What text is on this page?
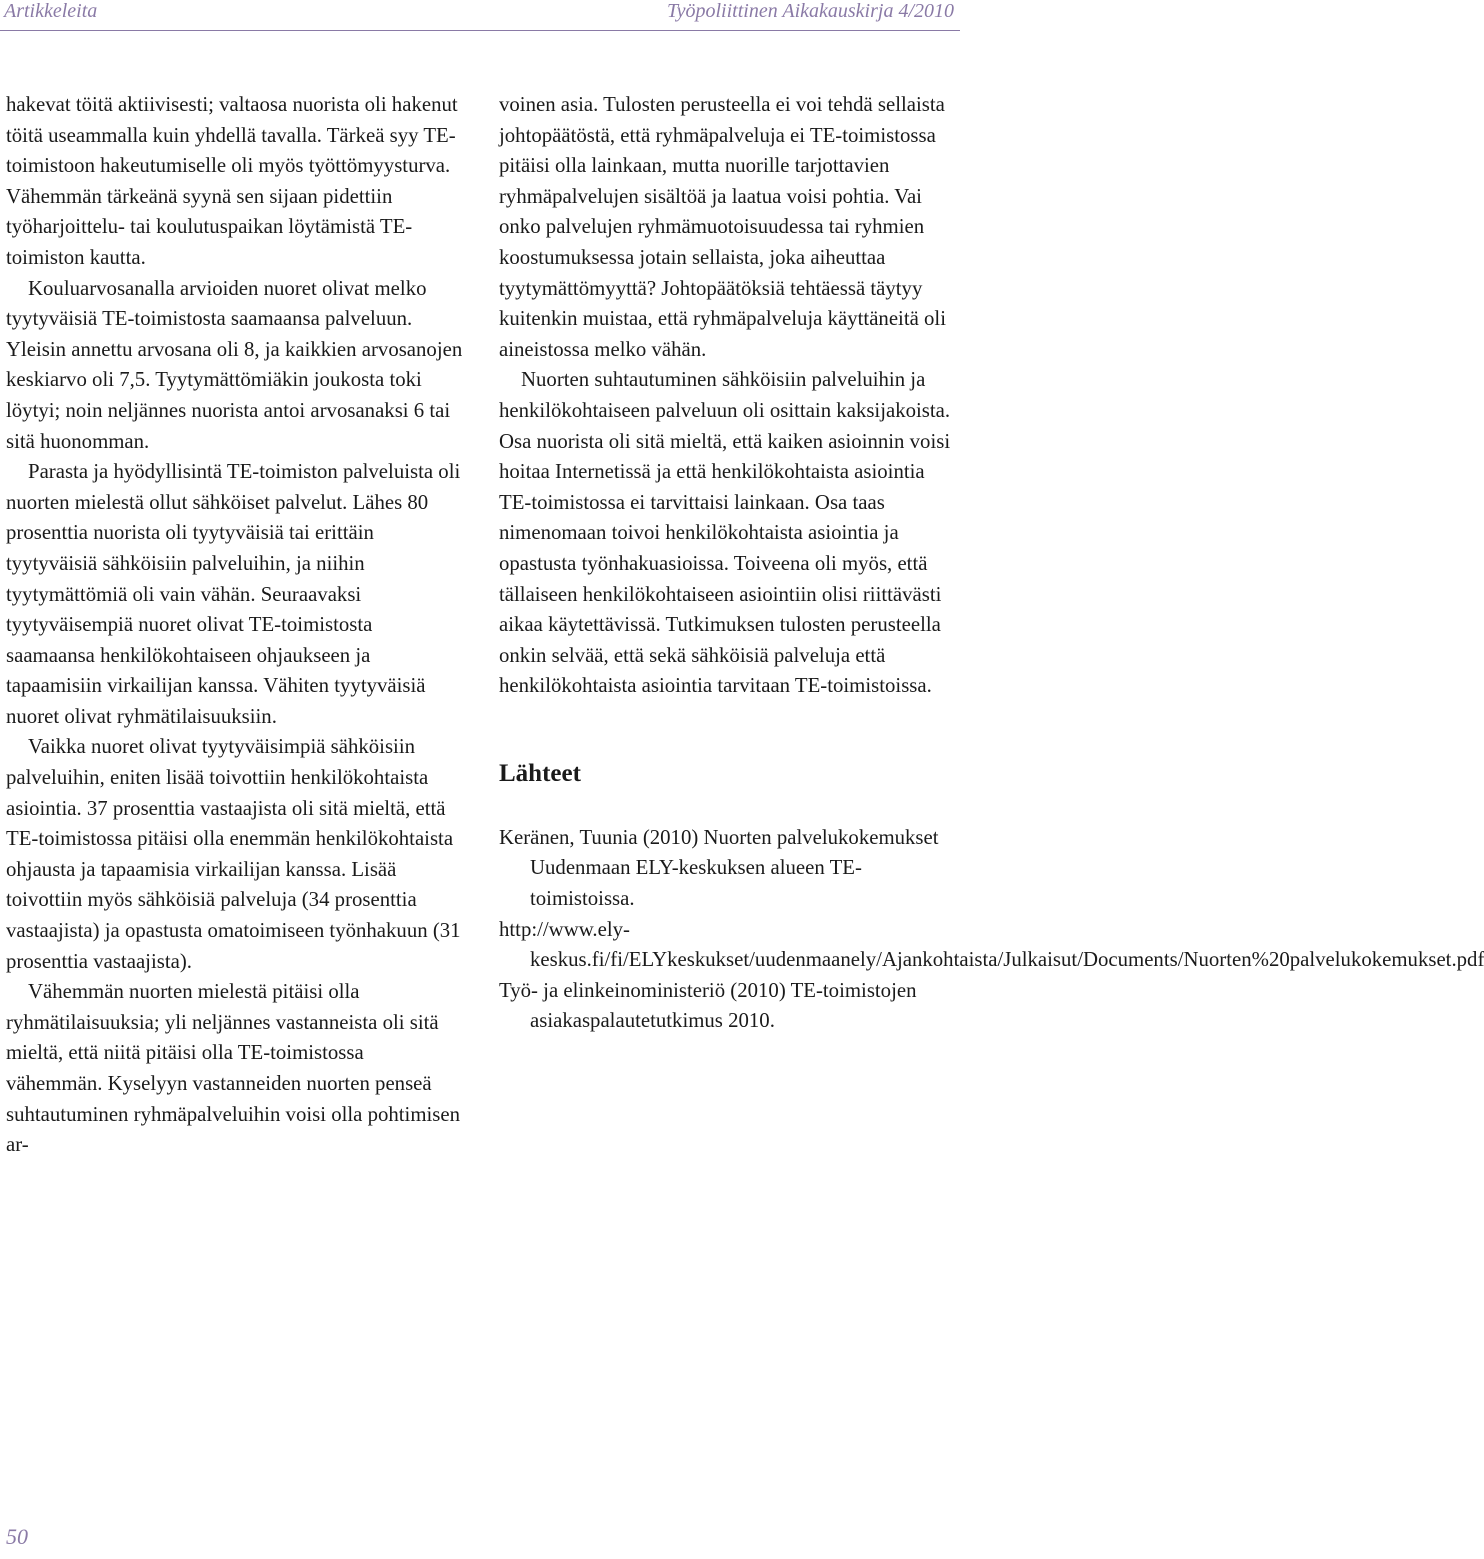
Artikkeleita	Työpoliittinen Aikakauskirja 4/2010

hakevat töitä aktiivisesti; valtaosa nuorista oli hakenut töitä useammalla kuin yhdellä tavalla. Tärkeä syy TE-toimistoon hakeutumiselle oli myös työttömyysturva. Vähemmän tärkeänä syynä sen sijaan pidettiin työharjoittelu- tai koulutuspaikan löytämistä TE-toimiston kautta.

Kouluarvosanalla arvioiden nuoret olivat melko tyytyväisiä TE-toimistosta saamaansa palveluun. Yleisin annettu arvosana oli 8, ja kaikkien arvosanojen keskiarvo oli 7,5. Tyytymättömiäkin joukosta toki löytyi; noin neljännes nuorista antoi arvosanaksi 6 tai sitä huonomman.

Parasta ja hyödyllisintä TE-toimiston palveluista oli nuorten mielestä ollut sähköiset palvelut. Lähes 80 prosenttia nuorista oli tyytyväisiä tai erittäin tyytyväisiä sähköisiin palveluihin, ja niihin tyytymättömiä oli vain vähän. Seuraavaksi tyytyväisempiä nuoret olivat TE-toimistosta saamaansa henkilökohtaiseen ohjaukseen ja tapaamisiin virkailijan kanssa. Vähiten tyytyväisiä nuoret olivat ryhmätilaisuuksiin.

Vaikka nuoret olivat tyytyväisimpiä sähköisiin palveluihin, eniten lisää toivottiin henkilökohtaista asiointia. 37 prosenttia vastaajista oli sitä mieltä, että TE-toimistossa pitäisi olla enemmän henkilökohtaista ohjausta ja tapaamisia virkailijan kanssa. Lisää toivottiin myös sähköisiä palveluja (34 prosenttia vastaajista) ja opastusta omatoimiseen työnhakuun (31 prosenttia vastaajista).

Vähemmän nuorten mielestä pitäisi olla ryhmätilaisuuksia; yli neljännes vastanneista oli sitä mieltä, että niitä pitäisi olla TE-toimistossa vähemmän. Kyselyyn vastanneiden nuorten penseä suhtautuminen ryhmäpalveluihin voisi olla pohtimisen ar-

voinen asia. Tulosten perusteella ei voi tehdä sellaista johtopäätöstä, että ryhmäpalveluja ei TE-toimistossa pitäisi olla lainkaan, mutta nuorille tarjottavien ryhmäpalvelujen sisältöä ja laatua voisi pohtia. Vai onko palvelujen ryhmämuotoisuudessa tai ryhmien koostumuksessa jotain sellaista, joka aiheuttaa tyytymättömyyttä? Johtopäätöksiä tehtäessä täytyy kuitenkin muistaa, että ryhmäpalveluja käyttäneitä oli aineistossa melko vähän.

Nuorten suhtautuminen sähköisiin palveluihin ja henkilökohtaiseen palveluun oli osittain kaksijakoista. Osa nuorista oli sitä mieltä, että kaiken asioinnin voisi hoitaa Internetissä ja että henkilökohtaista asiointia TE-toimistossa ei tarvittaisi lainkaan. Osa taas nimenomaan toivoi henkilökohtaista asiointia ja opastusta työnhakuasioissa. Toiveena oli myös, että tällaiseen henkilökohtaiseen asiointiin olisi riittävästi aikaa käytettävissä. Tutkimuksen tulosten perusteella onkin selvää, että sekä sähköisiä palveluja että henkilökohtaista asiointia tarvitaan TE-toimistoissa.

Lähteet

Keränen, Tuunia (2010) Nuorten palvelukokemukset Uudenmaan ELY-keskuksen alueen TE-toimistoissa.

http://www.ely-keskus.fi/fi/ELYkeskukset/uudenmaanely/Ajankohtaista/Julkaisut/Documents/Nuorten%20palvelukokemukset.pdf

Työ- ja elinkeinoministeriö (2010) TE-toimistojen asiakaspalautetutkimus 2010.

50
